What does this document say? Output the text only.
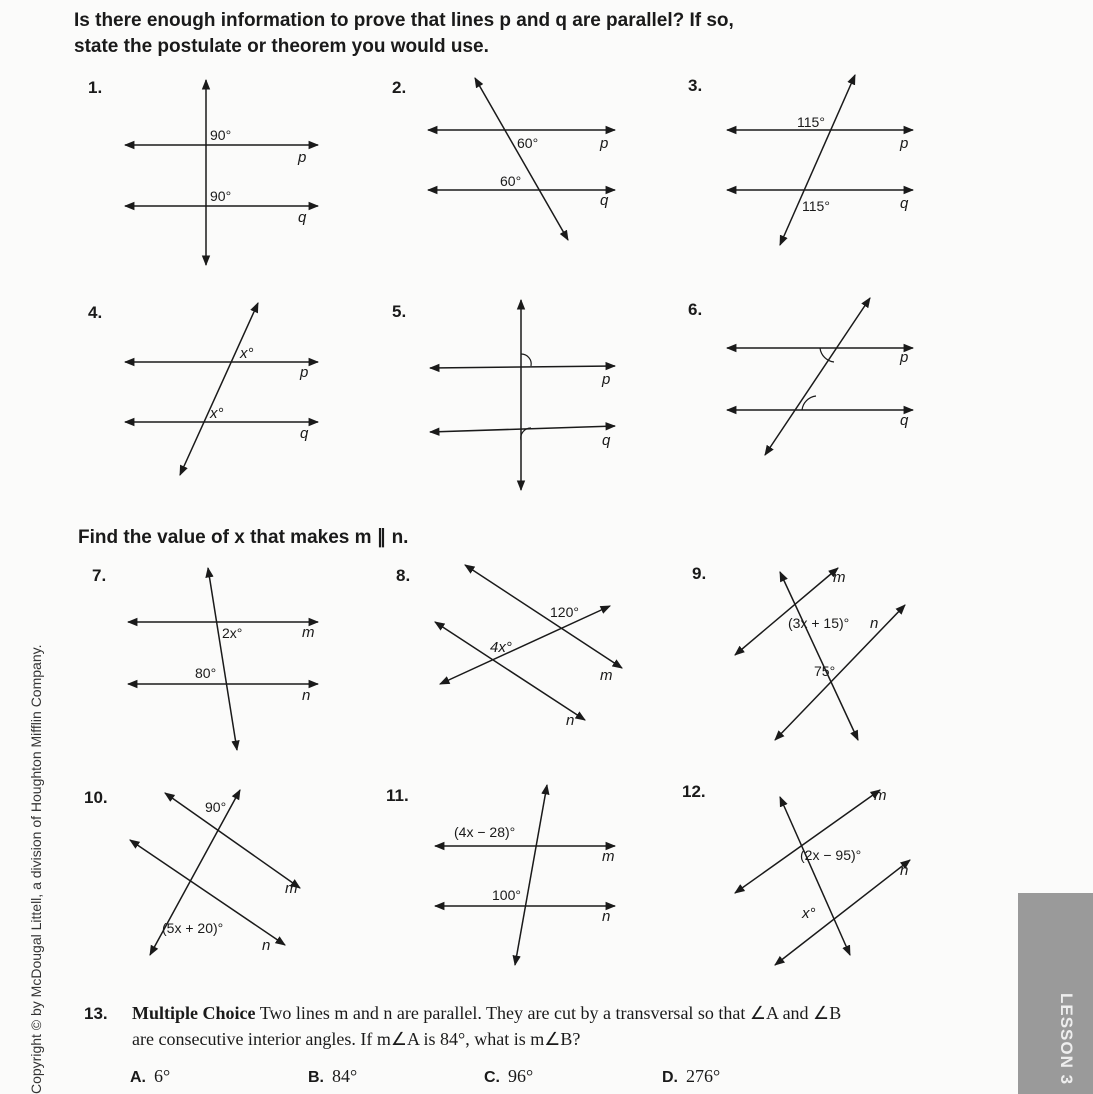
Is there enough information to prove that lines p and q are parallel? If so,
state the postulate or theorem you would use.
Find the value of x that makes m ∥ n.
1.	2.	3.
4.	5.	6.
7.	8.	9.
10.	11.	12.
90°
90°
p
q
60°
60°
p
q
115°
115°
p
q
x°
x°
p
q
p
q
p
q
2x°
80°
m
n
120°
4x°
m
n
(3x + 15)°
75°
m
n
90°
(5x + 20)°
m
n
(4x − 28)°
100°
m
n
(2x − 95)°
x°
m
n
13. Multiple Choice Two lines m and n are parallel. They are cut by a transversal so that ∠A and ∠B are consecutive interior angles. If m∠A is 84°, what is m∠B?
A. 6°	B. 84°	C. 96°	D. 276°
Copyright © by McDougal Littell, a division of Houghton Mifflin Company.	LESSON 3
